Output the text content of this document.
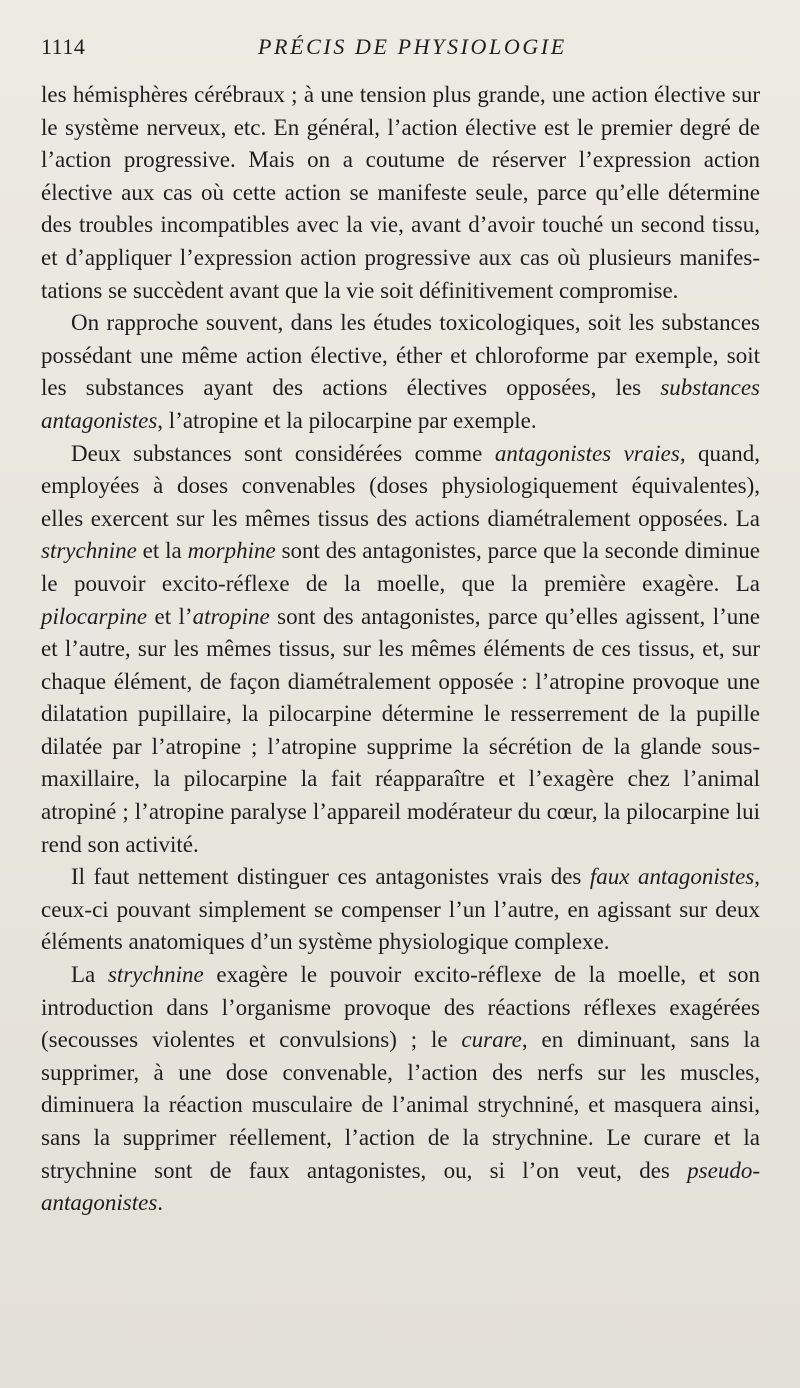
1114	PRÉCIS DE PHYSIOLOGIE

les hémisphères cérébraux ; à une tension plus grande, une action élective sur le système nerveux, etc. En général, l’action élective est le premier degré de l’action progressive. Mais on a coutume de réserver l’expression action élective aux cas où cette action se manifeste seule, parce qu’elle détermine des troubles incompatibles avec la vie, avant d’avoir touché un second tissu, et d’appliquer l’expression action progressive aux cas où plusieurs manifestations se succèdent avant que la vie soit définitivement compromise.

On rapproche souvent, dans les études toxicologiques, soit les substances possédant une même action élective, éther et chloroforme par exemple, soit les substances ayant des actions électives opposées, les substances antagonistes, l’atropine et la pilocarpine par exemple.

Deux substances sont considérées comme antagonistes vraies, quand, employées à doses convenables (doses physiologiquement équivalentes), elles exercent sur les mêmes tissus des actions diamétralement opposées. La strychnine et la morphine sont des antagonistes, parce que la seconde diminue le pouvoir excito-réflexe de la moelle, que la première exagère. La pilocarpine et l’atropine sont des antagonistes, parce qu’elles agissent, l’une et l’autre, sur les mêmes tissus, sur les mêmes éléments de ces tissus, et, sur chaque élément, de façon diamétralement opposée : l’atropine provoque une dilatation pupillaire, la pilocarpine détermine le resserrement de la pupille dilatée par l’atropine ; l’atropine supprime la sécrétion de la glande sous-maxillaire, la pilocarpine la fait réapparaître et l’exagère chez l’animal atropiné ; l’atropine paralyse l’appareil modérateur du cœur, la pilocarpine lui rend son activité.

Il faut nettement distinguer ces antagonistes vrais des faux antagonistes, ceux-ci pouvant simplement se compenser l’un l’autre, en agissant sur deux éléments anatomiques d’un système physiologique complexe.

La strychnine exagère le pouvoir excito-réflexe de la moelle, et son introduction dans l’organisme provoque des réactions réflexes exagérées (secousses violentes et convulsions) ; le curare, en diminuant, sans la supprimer, à une dose convenable, l’action des nerfs sur les muscles, diminuera la réaction musculaire de l’animal strychniné, et masquera ainsi, sans la supprimer réellement, l’action de la strychnine. Le curare et la strychnine sont de faux antagonistes, ou, si l’on veut, des pseudo-antagonistes.
